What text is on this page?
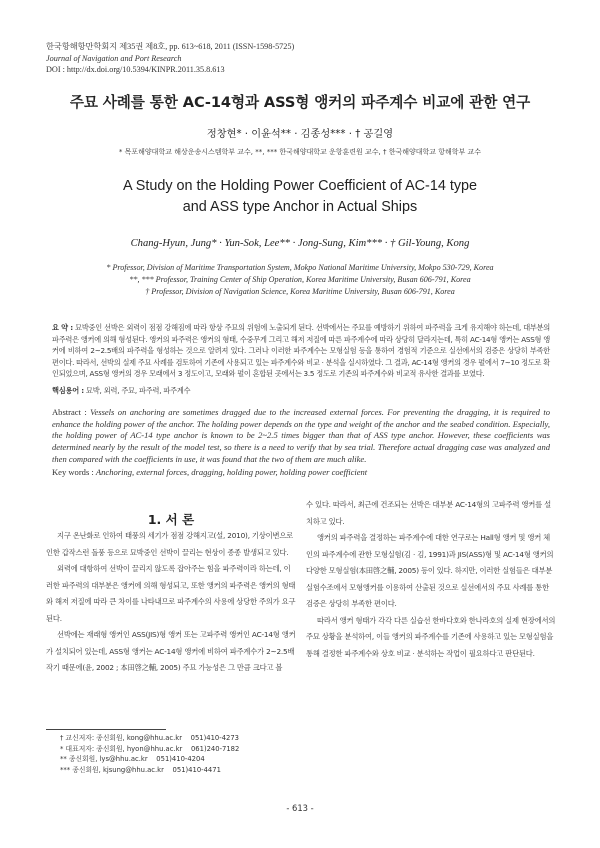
한국항해항만학회지 제35권 제8호, pp. 613~618, 2011 (ISSN-1598-5725)
Journal of Navigation and Port Research
DOI : http://dx.doi.org/10.5394/KINPR.2011.35.8.613
주묘 사례를 통한 AC-14형과 ASS형 앵커의 파주계수 비교에 관한 연구
정창현* · 이윤석** · 김종성*** · † 공길영
* 목포해양대학교 해상운송시스템학부 교수, **, *** 한국해양대학교 운항훈련원 교수, † 한국해양대학교 항해학부 교수
A Study on the Holding Power Coefficient of AC-14 type
and ASS type Anchor in Actual Ships
Chang-Hyun, Jung* · Yun-Sok, Lee** · Jong-Sung, Kim*** · † Gil-Young, Kong
* Professor, Division of Maritime Transportation System, Mokpo National Maritime University, Mokpo 530-729, Korea
**, *** Professor, Training Center of Ship Operation, Korea Maritime University, Busan 606-791, Korea
† Professor, Division of Navigation Science, Korea Maritime University, Busan 606-791, Korea
요 약 : 묘박중인 선박은 외력이 점점 강해짐에 따라 항상 주묘의 위험에 노출되게 된다. 선박에서는 주묘를 예방하기 위하여 파주력을 크게 유지해야 하는데, 대부분의 파주력은 앵커에 의해 형성된다. 앵커의 파주력은 앵커의 형태, 수중무게 그리고 해저 저질에 따른 파주계수에 따라 상당히 달라지는데, 특히 AC-14형 앵커는 ASS형 앵커에 비하여 2~2.5배의 파주력을 형성하는 것으로 알려져 있다. 그러나 이러한 파주계수는 모형실험 등을 통하여 경험적 기준으로 실선에서의 검증은 상당히 부족한 편이다. 따라서, 선박의 실제 주묘 사례를 검토하여 기존에 사용되고 있는 파주계수와 비교 · 분석을 실시하였다. 그 결과, AC-14형 앵커의 경우 펄에서 7~10 정도로 확인되었으며, ASS형 앵커의 경우 모래에서 3 정도이고, 모래와 펄이 혼합된 곳에서는 3.5 정도로 기존의 파주계수와 비교적 유사한 결과를 보였다.
핵심용어 : 묘박, 외력, 주묘, 파주력, 파주계수
Abstract : Vessels on anchoring are sometimes dragged due to the increased external forces. For preventing the dragging, it is required to enhance the holding power of the anchor. The holding power depends on the type and weight of the anchor and the seabed condition. Especially, the holding power of AC-14 type anchor is known to be 2~2.5 times bigger than that of ASS type anchor. However, these coefficients was determined nearly by the result of the model test, so there is a need to verify that by sea trial. Therefore actual dragging case was analyzed and then compared with the coefficients in use, it was found that the two of them are much alike.
Key words : Anchoring, external forces, dragging, holding power, holding power coefficient
1. 서 론

지구 온난화로 인하여 태풍의 세기가 점점 강해지고(설, 2010), 기상이변으로 인한 갑작스런 돌풍 등으로 묘박중인 선박이 끌리는 현상이 종종 발생되고 있다.

외력에 대항하여 선박이 끌리지 않도록 잡아주는 힘을 파주력이라 하는데, 이러한 파주력의 대부분은 앵커에 의해 형성되고, 또한 앵커의 파주력은 앵커의 형태와 해저 저질에 따라 큰 차이를 나타내므로 파주계수의 사용에 상당한 주의가 요구된다.

선박에는 재래형 앵커인 ASS(JIS)형 앵커 또는 고파주력 앵커인 AC-14형 앵커가 설치되어 있는데, ASS형 앵커는 AC-14형 앵커에 비하여 파주계수가 2~2.5배 작기 때문에(윤, 2002 ; 本田啓之輔, 2005) 주묘 가능성은 그 만큼 크다고 볼

수 있다. 따라서, 최근에 건조되는 선박은 대부분 AC-14형의 고파주력 앵커를 설치하고 있다.

앵커의 파주력을 결정하는 파주계수에 대한 연구로는 Hall형 앵커 및 앵커 체인의 파주계수에 관한 모형실험(김 · 김, 1991)과 JIS(ASS)형 및 AC-14형 앵커의 다양한 모형실험(本田啓之輔, 2005) 등이 있다. 하지만, 이러한 실험들은 대부분 실험수조에서 모형앵커를 이용하여 산출된 것으로 실선에서의 주묘 사례를 통한 검증은 상당히 부족한 편이다.

따라서 앵커 형태가 각각 다른 실습선 한바다호와 한나라호의 실제 현장에서의 주묘 상황을 분석하여, 이들 앵커의 파주계수를 기존에 사용하고 있는 모형실험을 통해 결정한 파주계수와 상호 비교 · 분석하는 작업이 필요하다고 판단된다.

† 교신저자: 종신회원, kong@hhu.ac.kr    051)410-4273
* 대표저자: 종신회원, hyon@hhu.ac.kr    061)240-7182
** 종신회원, lys@hhu.ac.kr    051)410-4204
*** 종신회원, kjsung@hhu.ac.kr    051)410-4471
- 613 -
